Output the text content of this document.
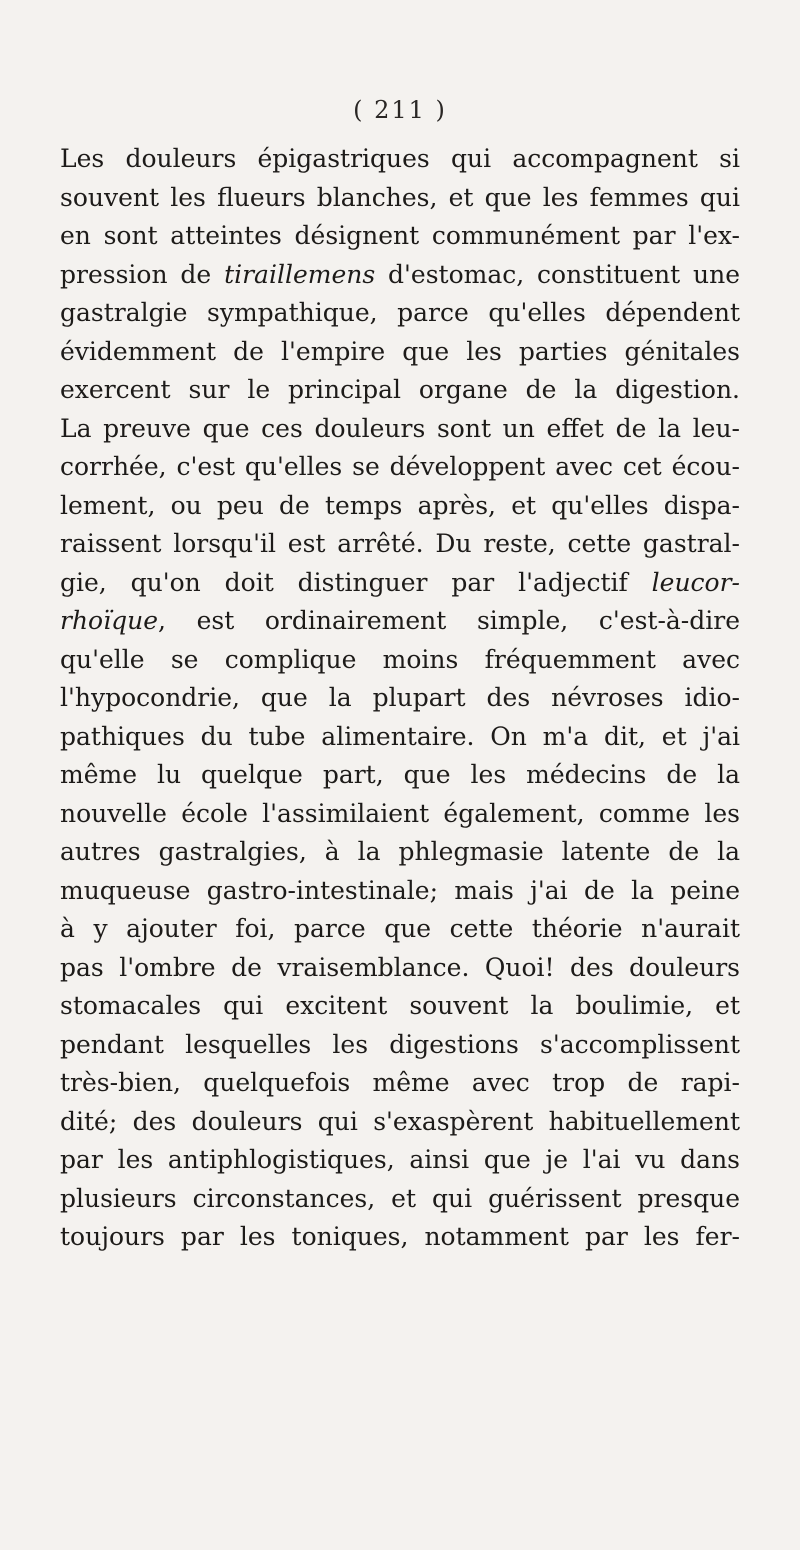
( 211 )
Les douleurs épigastriques qui accompagnent si
souvent les flueurs blanches, et que les femmes qui
en sont atteintes désignent communément par l'ex-
pression de tiraillemens d'estomac, constituent une
gastralgie sympathique, parce qu'elles dépendent
évidemment de l'empire que les parties génitales
exercent sur le principal organe de la digestion.
La preuve que ces douleurs sont un effet de la leu-
corrhée, c'est qu'elles se développent avec cet écou-
lement, ou peu de temps après, et qu'elles dispa-
raissent lorsqu'il est arrêté. Du reste, cette gastral-
gie, qu'on doit distinguer par l'adjectif leucor-
rhoïque, est ordinairement simple, c'est-à-dire
qu'elle se complique moins fréquemment avec
l'hypocondrie, que la plupart des névroses idio-
pathiques du tube alimentaire. On m'a dit, et j'ai
même lu quelque part, que les médecins de la
nouvelle école l'assimilaient également, comme les
autres gastralgies, à la phlegmasie latente de la
muqueuse gastro-intestinale; mais j'ai de la peine
à y ajouter foi, parce que cette théorie n'aurait
pas l'ombre de vraisemblance. Quoi! des douleurs
stomacales qui excitent souvent la boulimie, et
pendant lesquelles les digestions s'accomplissent
très-bien, quelquefois même avec trop de rapi-
dité; des douleurs qui s'exaspèrent habituellement
par les antiphlogistiques, ainsi que je l'ai vu dans
plusieurs circonstances, et qui guérissent presque
toujours par les toniques, notamment par les fer-
